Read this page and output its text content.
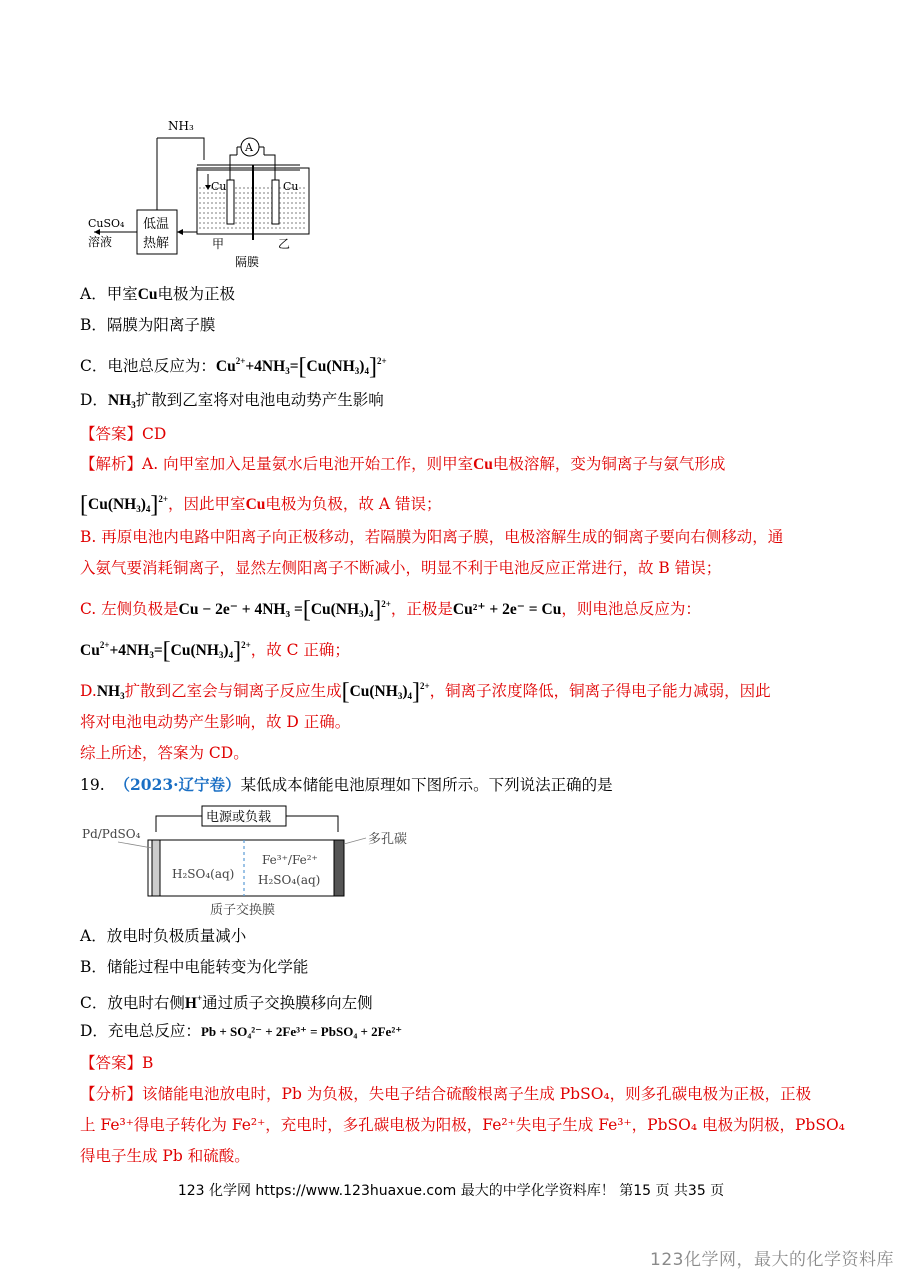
NH₃
低温
热解
CuSO₄
溶液
A
Cu	Cu
甲	乙
隔膜
A．甲室Cu电极为正极
B．隔膜为阳离子膜
C．电池总反应为：$Cu^{2+}+4NH_3=[Cu(NH_3)_4]^{2+}$
D．$NH_3$扩散到乙室将对电池电动势产生影响
【答案】CD
【解析】A. 向甲室加入足量氨水后电池开始工作，则甲室Cu电极溶解，变为铜离子与氨气形成
$[Cu(NH_3)_4]^{2+}$，因此甲室Cu电极为负极，故 A 错误；
B. 再原电池内电路中阳离子向正极移动，若隔膜为阳离子膜，电极溶解生成的铜离子要向右侧移动，通
入氨气要消耗铜离子，显然左侧阳离子不断减小，明显不利于电池反应正常进行，故 B 错误；
C. 左侧负极是$Cu - 2e^- + 4NH_3 =[Cu(NH_3)_4]^{2+}$，正极是Cu²⁺ + 2e⁻ = Cu，则电池总反应为：
$Cu^{2+}+4NH_3=[Cu(NH_3)_4]^{2+}$，故 C 正确；
$D.NH_3$扩散到乙室会与铜离子反应生成$[Cu(NH_3)_4]^{2+}$，铜离子浓度降低，铜离子得电子能力减弱，因此
将对电池电动势产生影响，故 D 正确。
综上所述，答案为 CD。
19. （2023·辽宁卷）某低成本储能电池原理如下图所示。下列说法正确的是
电源或负载
Pd/PdSO₄	多孔碳
H₂SO₄(aq)
Fe³⁺/Fe²⁺
H₂SO₄(aq)
质子交换膜
A．放电时负极质量减小
B．储能过程中电能转变为化学能
C．放电时右侧H+通过质子交换膜移向左侧
D．充电总反应：Pb + SO₄²⁻ + 2Fe³⁺ = PbSO₄ + 2Fe²⁺
【答案】B
【分析】该储能电池放电时，Pb 为负极，失电子结合硫酸根离子生成 PbSO₄，则多孔碳电极为正极，正极
上 Fe³⁺得电子转化为 Fe²⁺，充电时，多孔碳电极为阳极，Fe²⁺失电子生成 Fe³⁺，PbSO₄ 电极为阴极，PbSO₄
得电子生成 Pb 和硫酸。
123 化学网 https://www.123huaxue.com 最大的中学化学资料库！ 第15 页 共35 页
123化学网，最大的化学资料库
